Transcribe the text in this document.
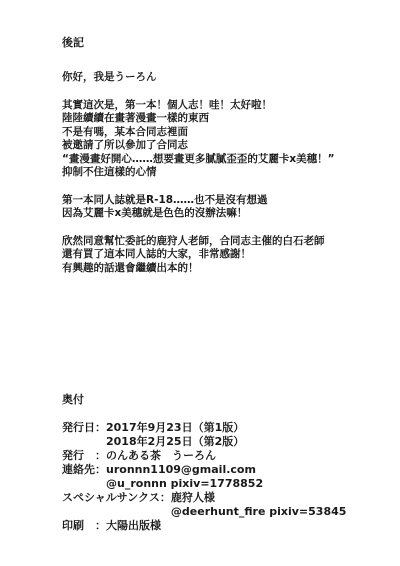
後記
你好，我是うーろん
其實這次是，第一本！個人志！哇！太好啦！
陸陸續續在畫著漫畫一樣的東西
不是有嗎，某本合同志裡面
被邀請了所以參加了合同志
“畫漫畫好開心……想要畫更多膩膩歪歪的艾麗卡x美穗！”
抑制不住這樣的心情
第一本同人誌就是R-18……也不是沒有想過
因為艾麗卡x美穗就是色色的沒辦法嘛！
欣然同意幫忙委託的鹿狩人老師，合同志主催的白石老師
還有買了這本同人誌的大家，非常感謝！
有興趣的話還會繼續出本的！
奥付
発行日： 2017年9月23日（第1版）
2018年2月25日（第2版）
発行　： のんある茶　うーろん
連絡先： uronnn1109@gmail.com
@u_ronnn pixiv=1778852
スペシャルサンクス： 鹿狩人様
@deerhunt_fire pixiv=53845
印刷　： 大陽出版様
